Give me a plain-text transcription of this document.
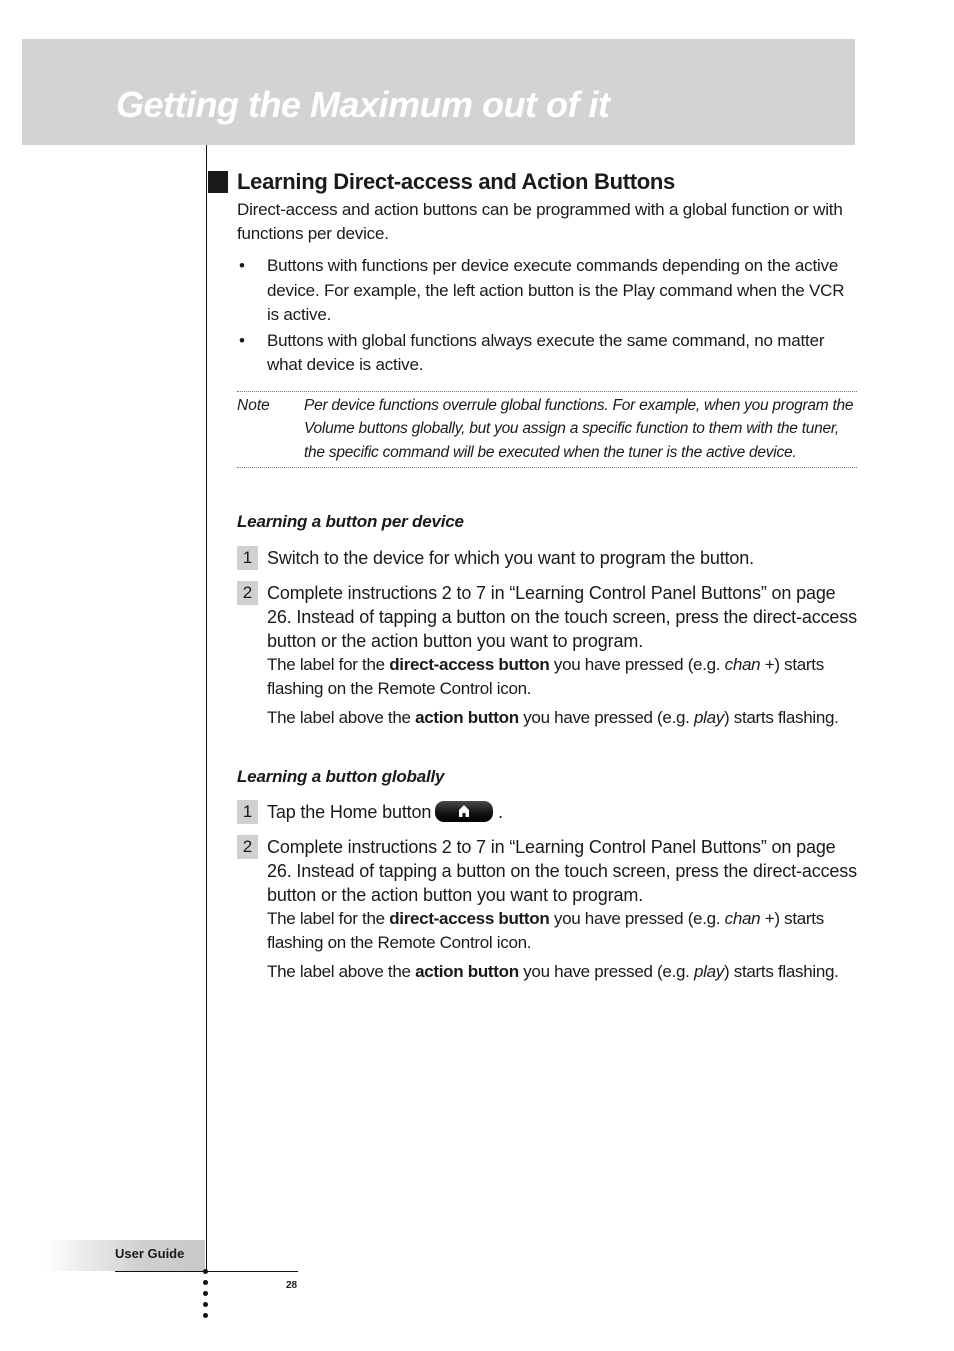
Getting the Maximum out of it
Learning Direct-access and Action Buttons

Direct-access and action buttons can be programmed with a global function or with functions per device.

• Buttons with functions per device execute commands depending on the active device. For example, the left action button is the Play command when the VCR is active.
• Buttons with global functions always execute the same command, no matter what device is active.
Note	Per device functions overrule global functions. For example, when you program the Volume buttons globally, but you assign a specific function to them with the tuner, the specific command will be executed when the tuner is the active device.
Learning a button per device
1 Switch to the device for which you want to program the button.

2 Complete instructions 2 to 7 in “Learning Control Panel Buttons” on page 26. Instead of tapping a button on the touch screen, press the direct-access button or the action button you want to program.

The label for the direct-access button you have pressed (e.g. chan +) starts flashing on the Remote Control icon.

The label above the action button you have pressed (e.g. play) starts flashing.

Learning a button globally
1 Tap the Home button	.

2 Complete instructions 2 to 7 in “Learning Control Panel Buttons” on page 26. Instead of tapping a button on the touch screen, press the direct-access button or the action button you want to program.

The label for the direct-access button you have pressed (e.g. chan +) starts flashing on the Remote Control icon.

The label above the action button you have pressed (e.g. play) starts flashing.

User Guide
28
